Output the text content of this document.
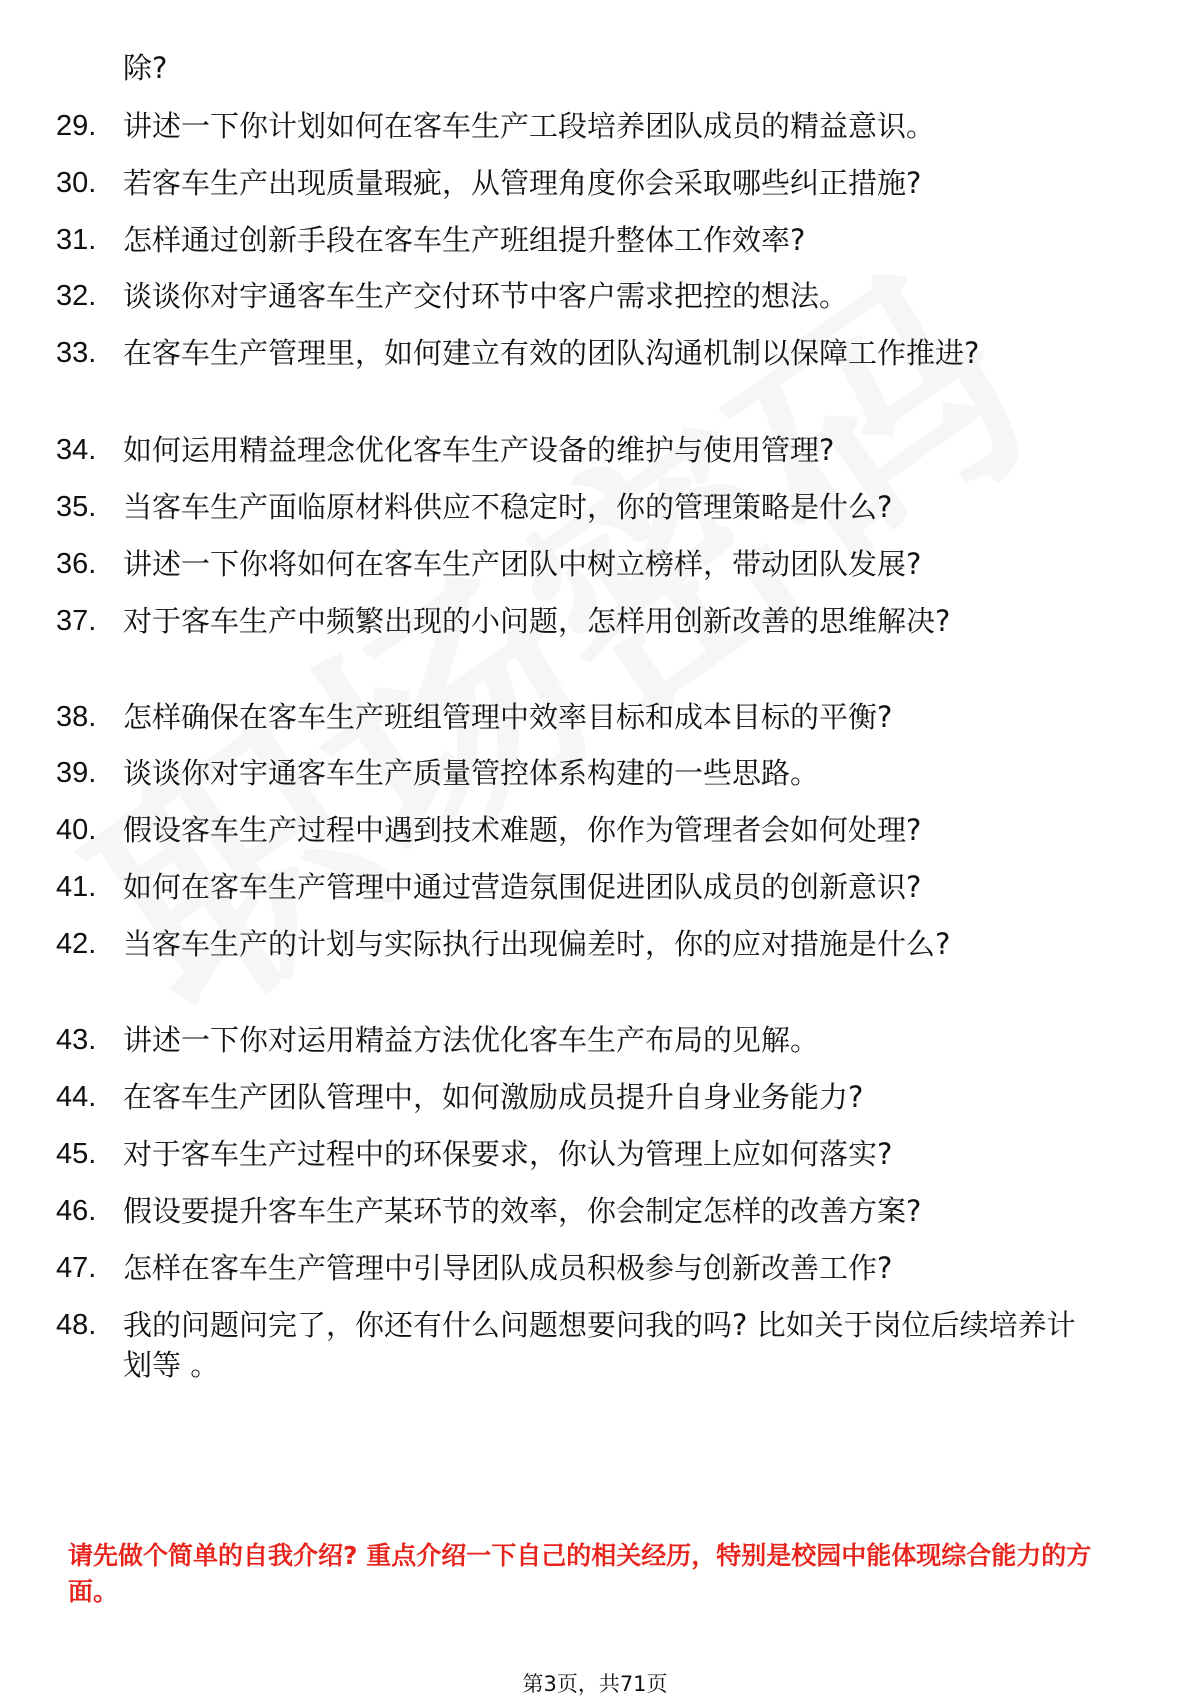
除?
29. 讲述一下你计划如何在客车生产工段培养团队成员的精益意识。
30. 若客车生产出现质量瑕疵，从管理角度你会采取哪些纠正措施?
31. 怎样通过创新手段在客车生产班组提升整体工作效率?
32. 谈谈你对宇通客车生产交付环节中客户需求把控的想法。
33. 在客车生产管理里，如何建立有效的团队沟通机制以保障工作推进?
34. 如何运用精益理念优化客车生产设备的维护与使用管理?
35. 当客车生产面临原材料供应不稳定时，你的管理策略是什么?
36. 讲述一下你将如何在客车生产团队中树立榜样，带动团队发展?
37. 对于客车生产中频繁出现的小问题，怎样用创新改善的思维解决?
38. 怎样确保在客车生产班组管理中效率目标和成本目标的平衡?
39. 谈谈你对宇通客车生产质量管控体系构建的一些思路。
40. 假设客车生产过程中遇到技术难题，你作为管理者会如何处理?
41. 如何在客车生产管理中通过营造氛围促进团队成员的创新意识?
42. 当客车生产的计划与实际执行出现偏差时，你的应对措施是什么?
43. 讲述一下你对运用精益方法优化客车生产布局的见解。
44. 在客车生产团队管理中，如何激励成员提升自身业务能力?
45. 对于客车生产过程中的环保要求，你认为管理上应如何落实?
46. 假设要提升客车生产某环节的效率，你会制定怎样的改善方案?
47. 怎样在客车生产管理中引导团队成员积极参与创新改善工作?
48. 我的问题问完了，你还有什么问题想要问我的吗? 比如关于岗位后续培养计划等 。
请先做个简单的自我介绍? 重点介绍一下自己的相关经历，特别是校园中能体现综合能力的方面。
第3页，共71页
